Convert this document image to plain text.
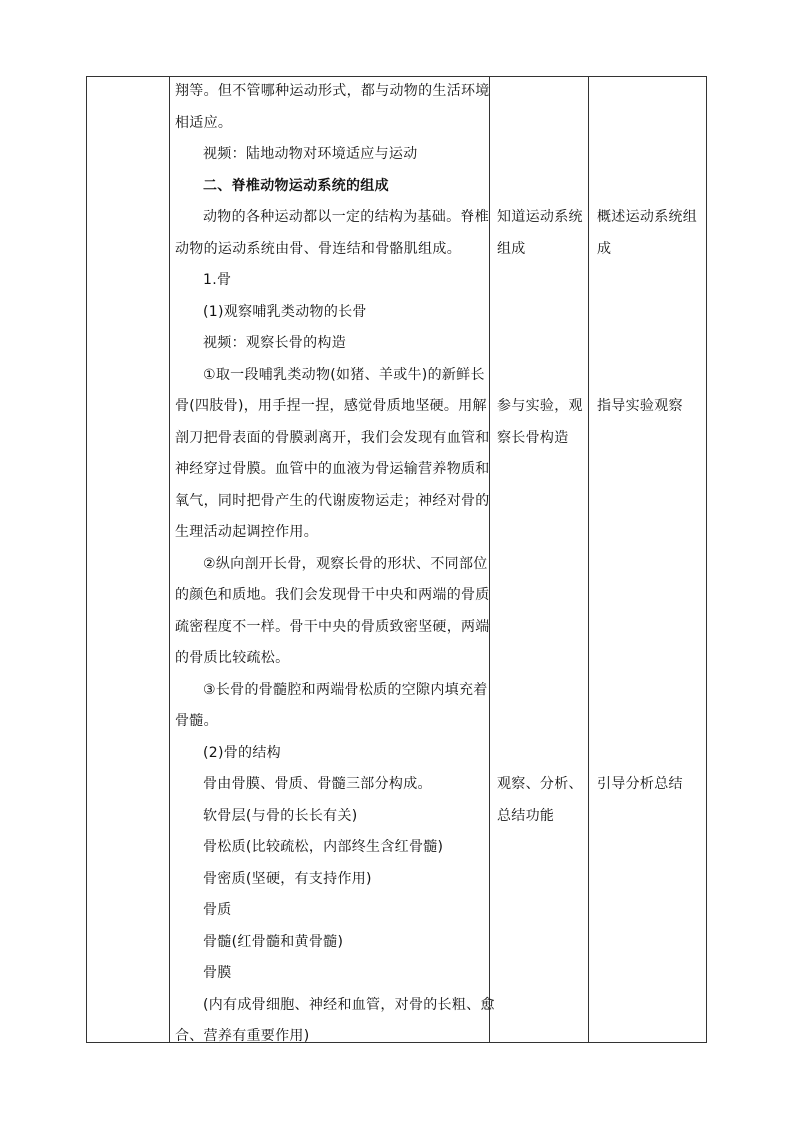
翔等。但不管哪种运动形式，都与动物的生活环境
相适应。
视频：陆地动物对环境适应与运动
二、脊椎动物运动系统的组成
动物的各种运动都以一定的结构为基础。脊椎
动物的运动系统由骨、骨连结和骨骼肌组成。
1.骨
(1)观察哺乳类动物的长骨
视频：观察长骨的构造
①取一段哺乳类动物(如猪、羊或牛)的新鲜长
骨(四肢骨)，用手捏一捏，感觉骨质地坚硬。用解
剖刀把骨表面的骨膜剥离开，我们会发现有血管和
神经穿过骨膜。血管中的血液为骨运输营养物质和
氧气，同时把骨产生的代谢废物运走；神经对骨的
生理活动起调控作用。
②纵向剖开长骨，观察长骨的形状、不同部位
的颜色和质地。我们会发现骨干中央和两端的骨质
疏密程度不一样。骨干中央的骨质致密坚硬，两端
的骨质比较疏松。
③长骨的骨髓腔和两端骨松质的空隙内填充着
骨髓。
(2)骨的结构
骨由骨膜、骨质、骨髓三部分构成。
软骨层(与骨的长长有关)
骨松质(比较疏松，内部终生含红骨髓)
骨密质(坚硬，有支持作用)
骨质
骨髓(红骨髓和黄骨髓)
骨膜
(内有成骨细胞、神经和血管，对骨的长粗、愈
合、营养有重要作用)
知道运动系统
组成
参与实验，观
察长骨构造
观察、分析、
总结功能
概述运动系统组
成
指导实验观察
引导分析总结
